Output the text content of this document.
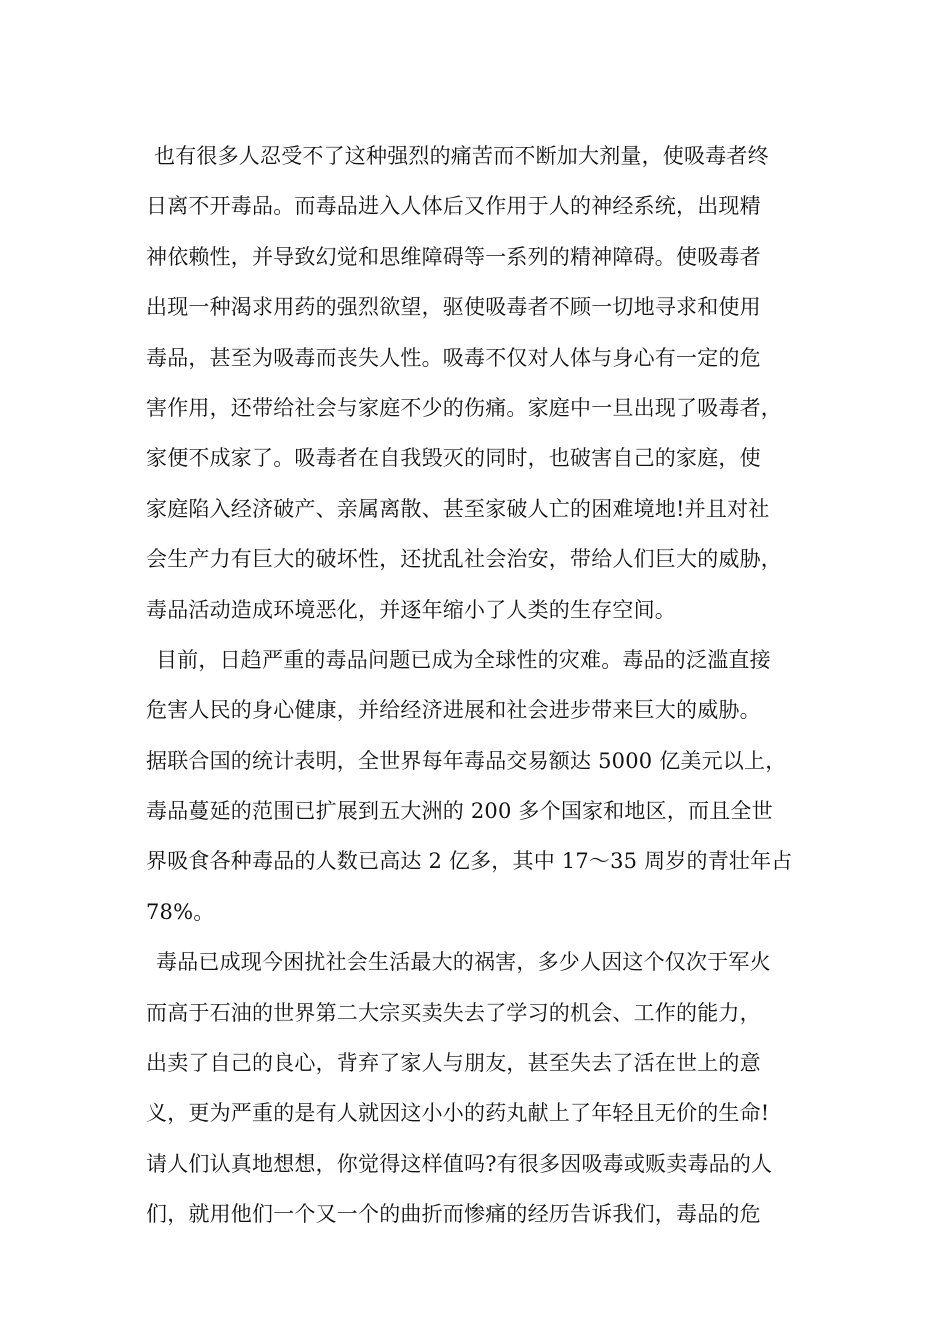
也有很多人忍受不了这种强烈的痛苦而不断加大剂量，使吸毒者终
日离不开毒品。而毒品进入人体后又作用于人的神经系统，出现精
神依赖性，并导致幻觉和思维障碍等一系列的精神障碍。使吸毒者
出现一种渴求用药的强烈欲望，驱使吸毒者不顾一切地寻求和使用
毒品，甚至为吸毒而丧失人性。吸毒不仅对人体与身心有一定的危
害作用，还带给社会与家庭不少的伤痛。家庭中一旦出现了吸毒者，
家便不成家了。吸毒者在自我毁灭的同时，也破害自己的家庭，使
家庭陷入经济破产、亲属离散、甚至家破人亡的困难境地!并且对社
会生产力有巨大的破坏性，还扰乱社会治安，带给人们巨大的威胁，
毒品活动造成环境恶化，并逐年缩小了人类的生存空间。
目前，日趋严重的毒品问题已成为全球性的灾难。毒品的泛滥直接
危害人民的身心健康，并给经济进展和社会进步带来巨大的威胁。
据联合国的统计表明，全世界每年毒品交易额达 5000 亿美元以上，
毒品蔓延的范围已扩展到五大洲的 200 多个国家和地区，而且全世
界吸食各种毒品的人数已高达 2 亿多，其中 17～35 周岁的青壮年占
78%。
毒品已成现今困扰社会生活最大的祸害，多少人因这个仅次于军火
而高于石油的世界第二大宗买卖失去了学习的机会、工作的能力，
出卖了自己的良心，背弃了家人与朋友，甚至失去了活在世上的意
义，更为严重的是有人就因这小小的药丸献上了年轻且无价的生命!
请人们认真地想想，你觉得这样值吗?有很多因吸毒或贩卖毒品的人
们，就用他们一个又一个的曲折而惨痛的经历告诉我们，毒品的危
